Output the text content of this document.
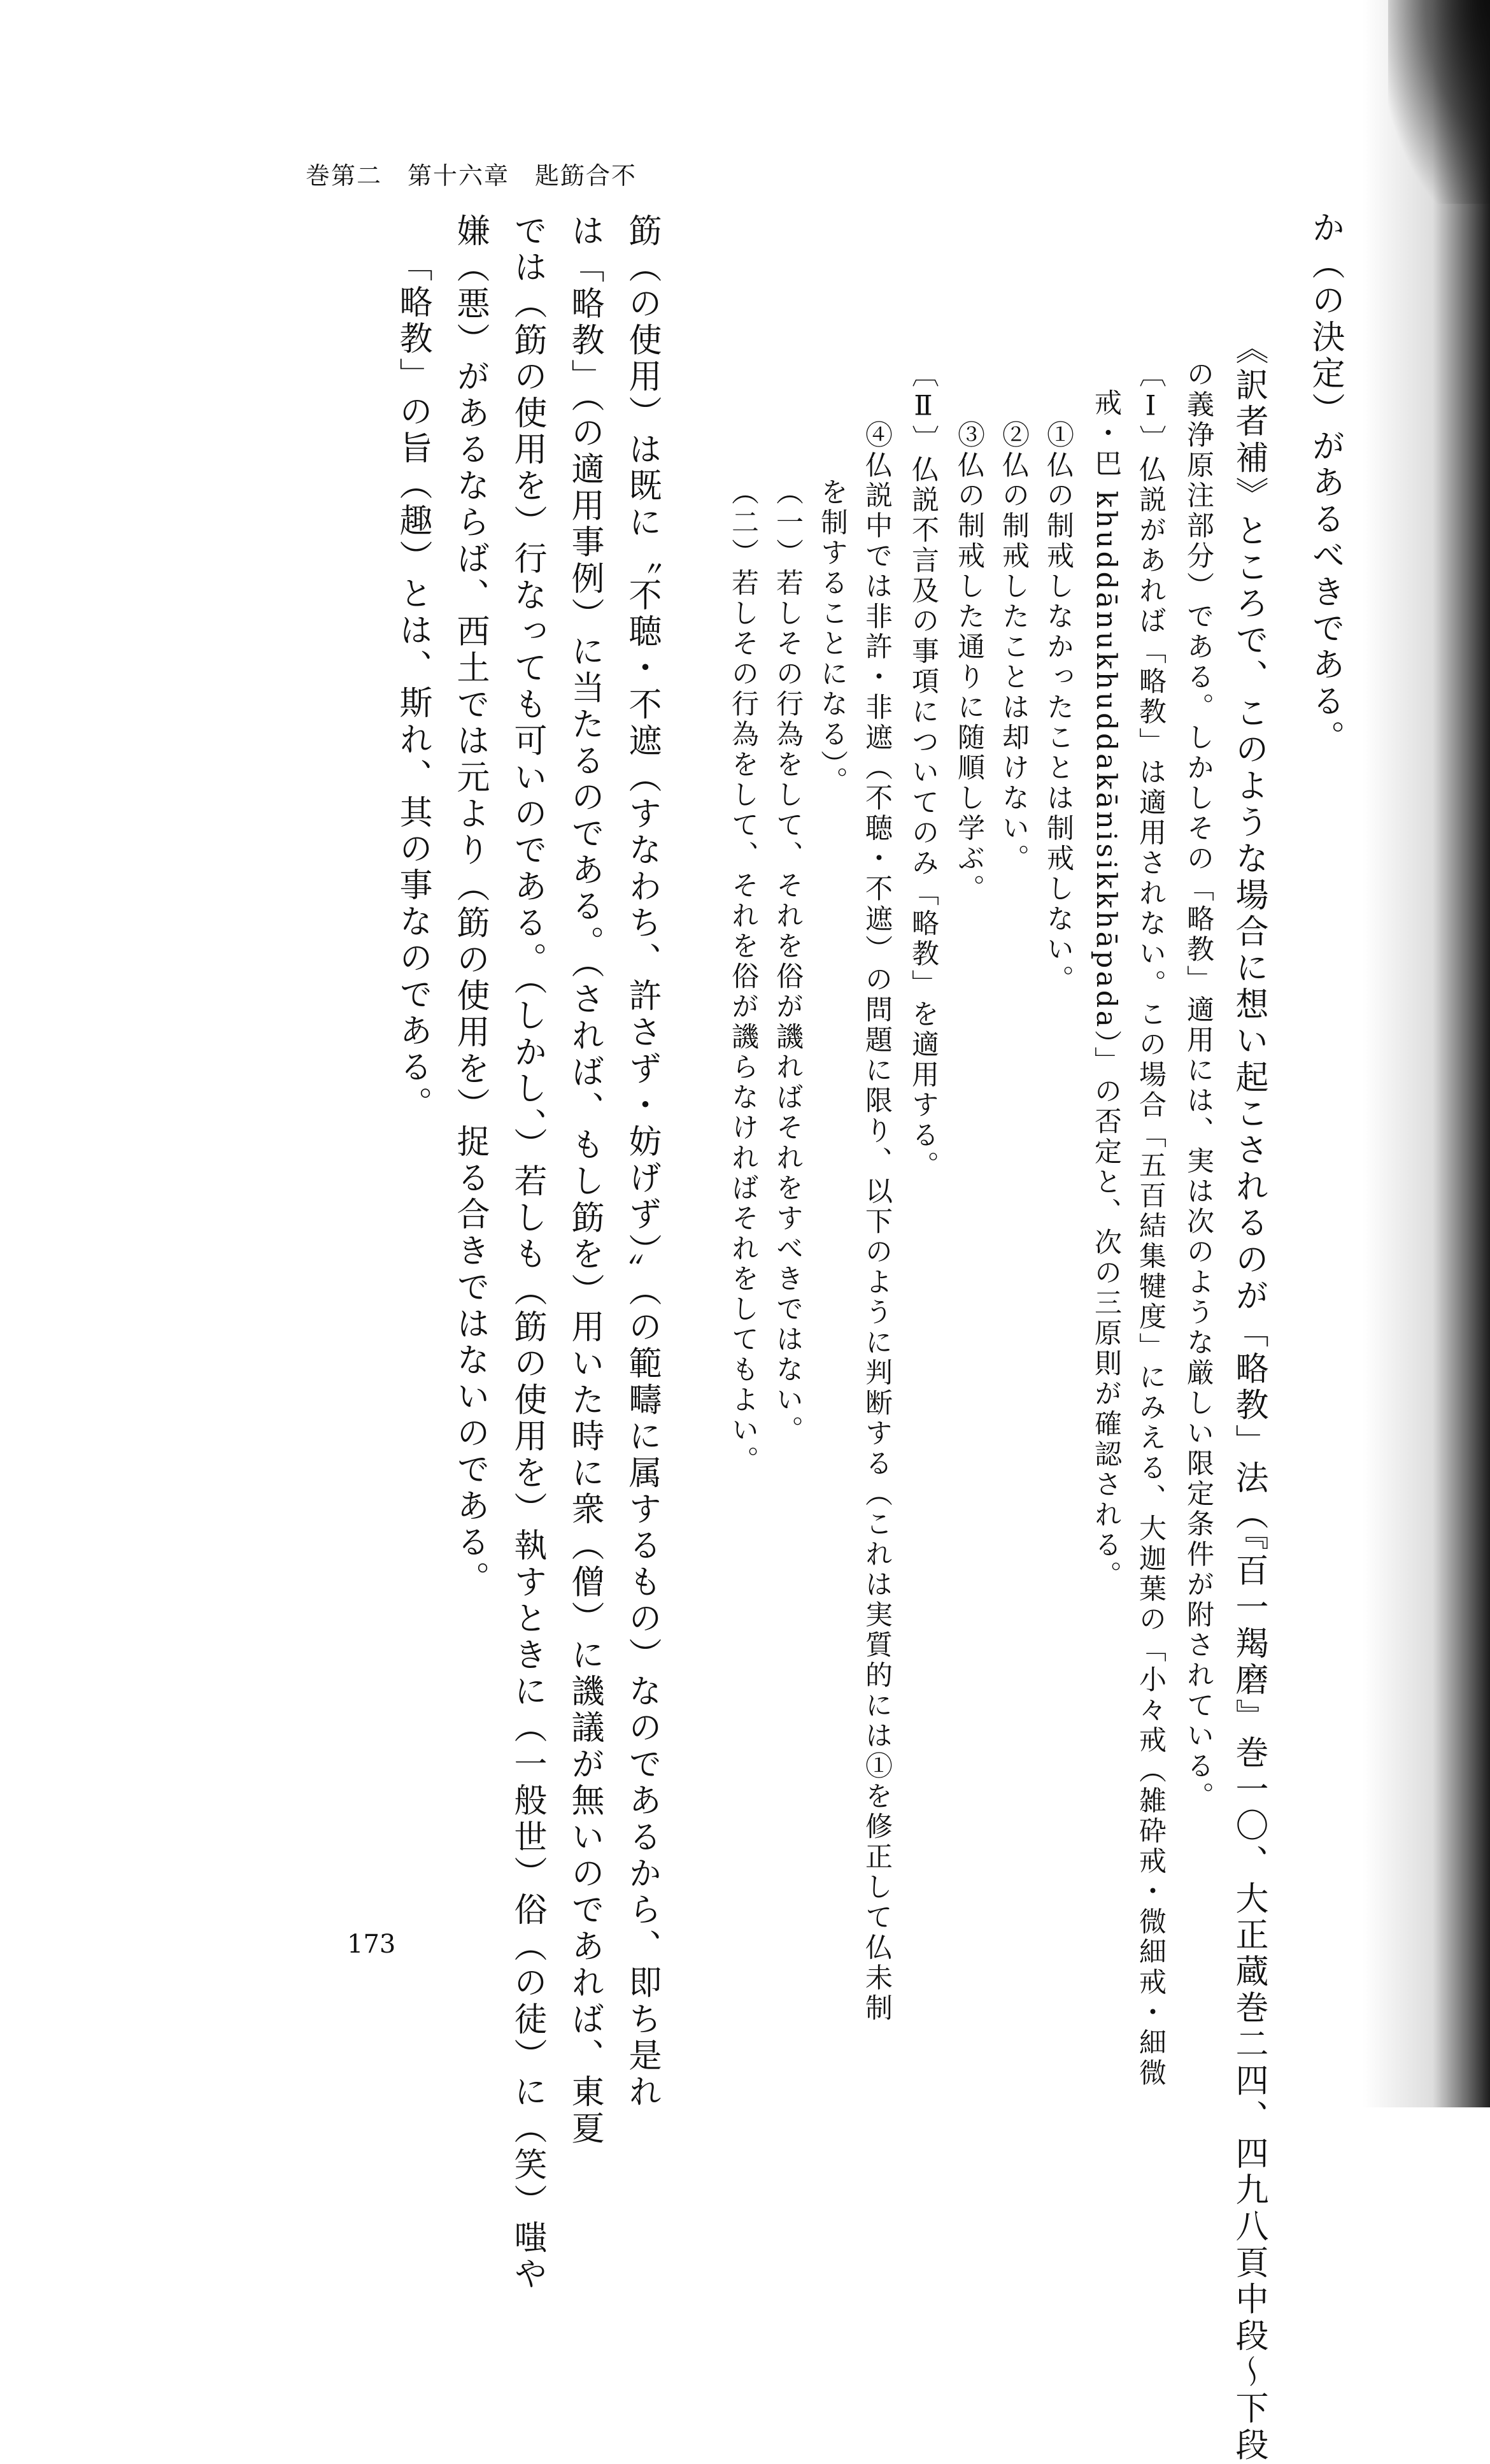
巻第二　第十六章　匙筯合不
か（の決定）があるべきである。
《訳者補》ところで、このような場合に想い起こされるのが「略教」法（『百一羯磨』巻一〇、大正蔵巻二四、四九八頁中段～下段
の義浄原注部分）である。しかしその「略教」適用には、実は次のような厳しい限定条件が附されている。
〔Ⅰ〕仏説があれば「略教」は適用されない。この場合「五百結集犍度」にみえる、大迦葉の「小々戒（雑砕戒・微細戒・細微
戒・巴 khuddānukhuddakānisikkhāpada）」の否定と、次の三原則が確認される。
①仏の制戒しなかったことは制戒しない。
②仏の制戒したことは却けない。
③仏の制戒した通りに随順し学ぶ。
〔Ⅱ〕仏説不言及の事項についてのみ「略教」を適用する。
④仏説中では非許・非遮（不聴・不遮）の問題に限り、以下のように判断する（これは実質的には①を修正して仏未制
を制することになる）。
（一）若しその行為をして、それを俗が譏ればそれをすべきではない。
（二）若しその行為をして、それを俗が譏らなければそれをしてもよい。
筯（の使用）は既に〝不聴・不遮（すなわち、許さず・妨げず）〟（の範疇に属するもの）なのであるから、即ち是れ
は「略教」（の適用事例）に当たるのである。（されば、もし筯を）用いた時に衆（僧）に譏議が無いのであれば、東夏
では（筯の使用を）行なっても可いのである。（しかし、）若しも（筯の使用を）執すときに（一般世）俗（の徒）に（笑）嗤や
嫌（悪）があるならば、西土では元より（筯の使用を）捉る合きではないのである。
「略教」の旨（趣）とは、斯れ、其の事なのである。
173
